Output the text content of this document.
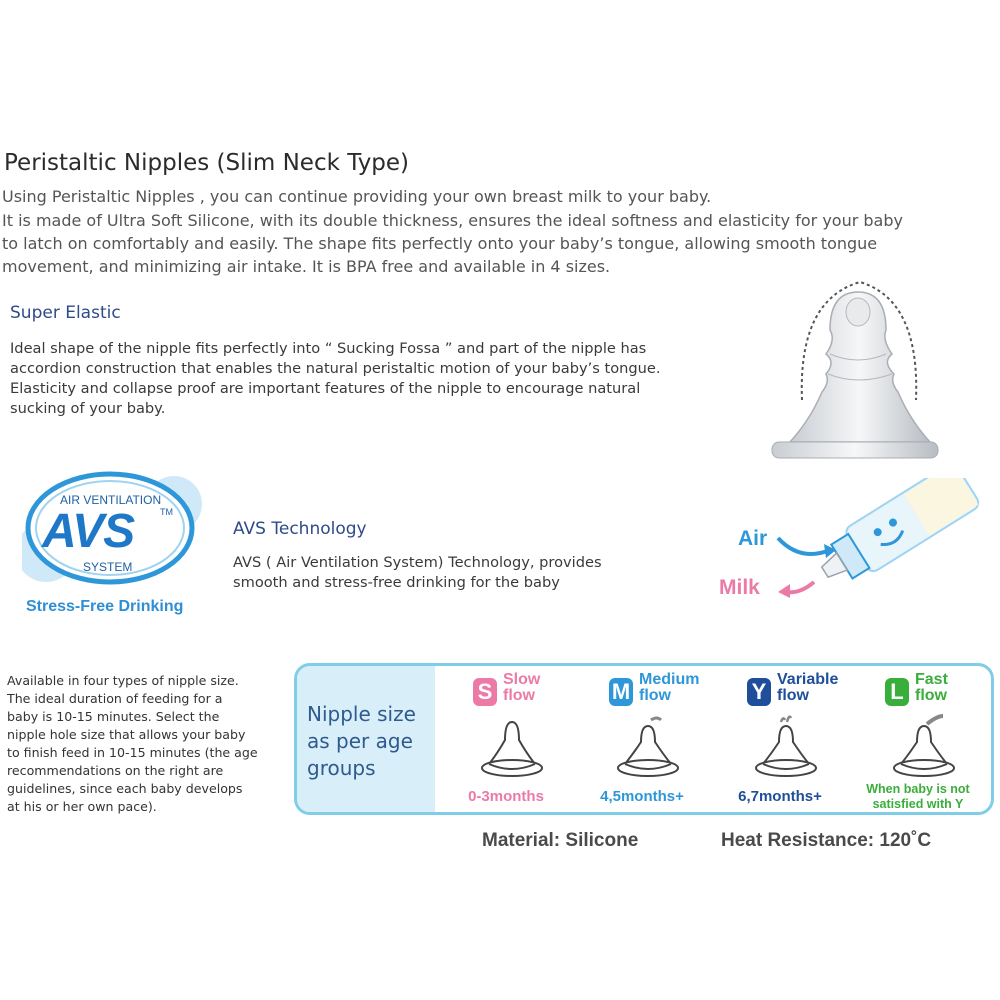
Peristaltic Nipples (Slim Neck Type)
Using Peristaltic Nipples , you can continue providing your own breast milk to your baby.
It is made of Ultra Soft Silicone, with its double thickness, ensures the ideal softness and elasticity for your baby
to latch on comfortably and easily. The shape fits perfectly onto your baby’s tongue, allowing smooth tongue
movement, and minimizing air intake. It is BPA free and available in 4 sizes.
Super Elastic
Ideal shape of the nipple fits perfectly into “ Sucking Fossa ” and part of the nipple has
accordion construction that enables the natural peristaltic motion of your baby’s tongue.
Elasticity and collapse proof are important features of the nipple to encourage natural
sucking of your baby.
AIR VENTILATION
AVS	TM
SYSTEM
Stress-Free Drinking
AVS Technology
AVS ( Air Ventilation System) Technology, provides
smooth and stress-free drinking for the baby
Air
Milk
Available in four types of nipple size.
The ideal duration of feeding for a
baby is 10-15 minutes. Select the
nipple hole size that allows your baby
to finish feed in 10-15 minutes (the age
recommendations on the right are
guidelines, since each baby develops
at his or her own pace).
Nipple size
as per age
groups
S Slow
flow
0-3months
M Medium
flow
4,5months+
Y Variable
flow
6,7months+
L Fast
flow
When baby is not
satisfied with Y
Material: Silicone	Heat Resistance: 120˚C
